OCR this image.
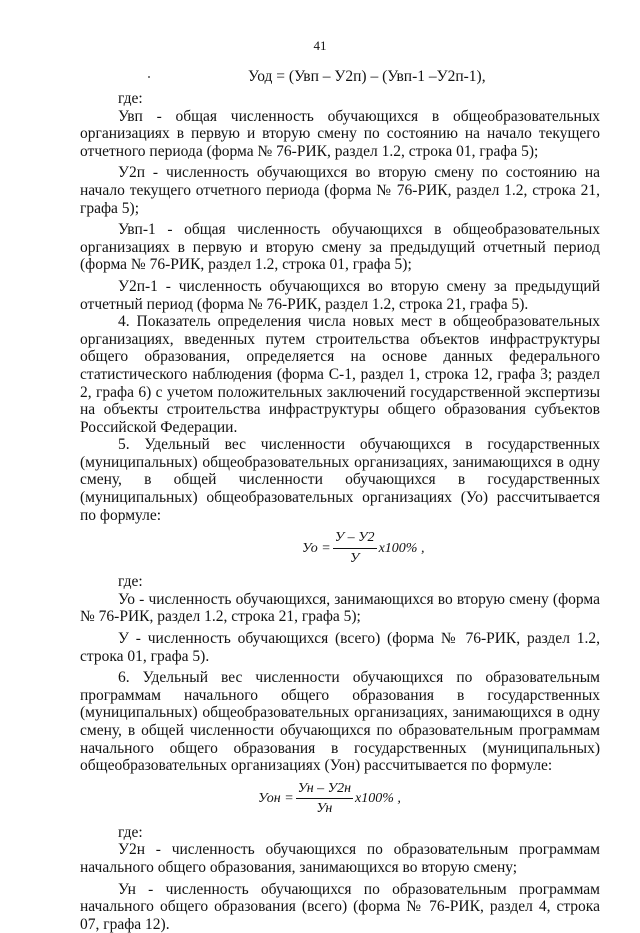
41
Уод = (Увп – У2п) – (Увп-1 –У2п-1),

где:

Увп - общая численность обучающихся в общеобразовательных организациях в первую и вторую смену по состоянию на начало текущего отчетного периода (форма № 76-РИК, раздел 1.2, строка 01, графа 5);

У2п - численность обучающихся во вторую смену по состоянию на начало текущего отчетного периода (форма № 76-РИК, раздел 1.2, строка 21, графа 5);

Увп-1 - общая численность обучающихся в общеобразовательных организациях в первую и вторую смену за предыдущий отчетный период (форма № 76-РИК, раздел 1.2, строка 01, графа 5);

У2п-1 - численность обучающихся во вторую смену за предыдущий отчетный период (форма № 76-РИК, раздел 1.2, строка 21, графа 5).

4. Показатель определения числа новых мест в общеобразовательных организациях, введенных путем строительства объектов инфраструктуры общего образования, определяется на основе данных федерального статистического наблюдения (форма С-1, раздел 1, строка 12, графа 3; раздел 2, графа 6) с учетом положительных заключений государственной экспертизы на объекты строительства инфраструктуры общего образования субъектов Российской Федерации.

5. Удельный вес численности обучающихся в государственных (муниципальных) общеобразовательных организациях, занимающихся в одну смену, в общей численности обучающихся в государственных (муниципальных) общеобразовательных организациях (Уо) рассчитывается по формуле:

Уо = $\frac{У - У2}{У} x100\%$ ,

где:

Уо - численность обучающихся, занимающихся во вторую смену (форма № 76-РИК, раздел 1.2, строка 21, графа 5);

У - численность обучающихся (всего) (форма № 76-РИК, раздел 1.2, строка 01, графа 5).

6. Удельный вес численности обучающихся по образовательным программам начального общего образования в государственных (муниципальных) общеобразовательных организациях, занимающихся в одну смену, в общей численности обучающихся по образовательным программам начального общего образования в государственных (муниципальных) общеобразовательных организациях (Уон) рассчитывается по формуле:

Уон = $\frac{Ун - У2н}{Ун} x100\%$ ,

где:

У2н - численность обучающихся по образовательным программам начального общего образования, занимающихся во вторую смену;

Ун - численность обучающихся по образовательным программам начального общего образования (всего) (форма № 76-РИК, раздел 4, строка 07, графа 12).
